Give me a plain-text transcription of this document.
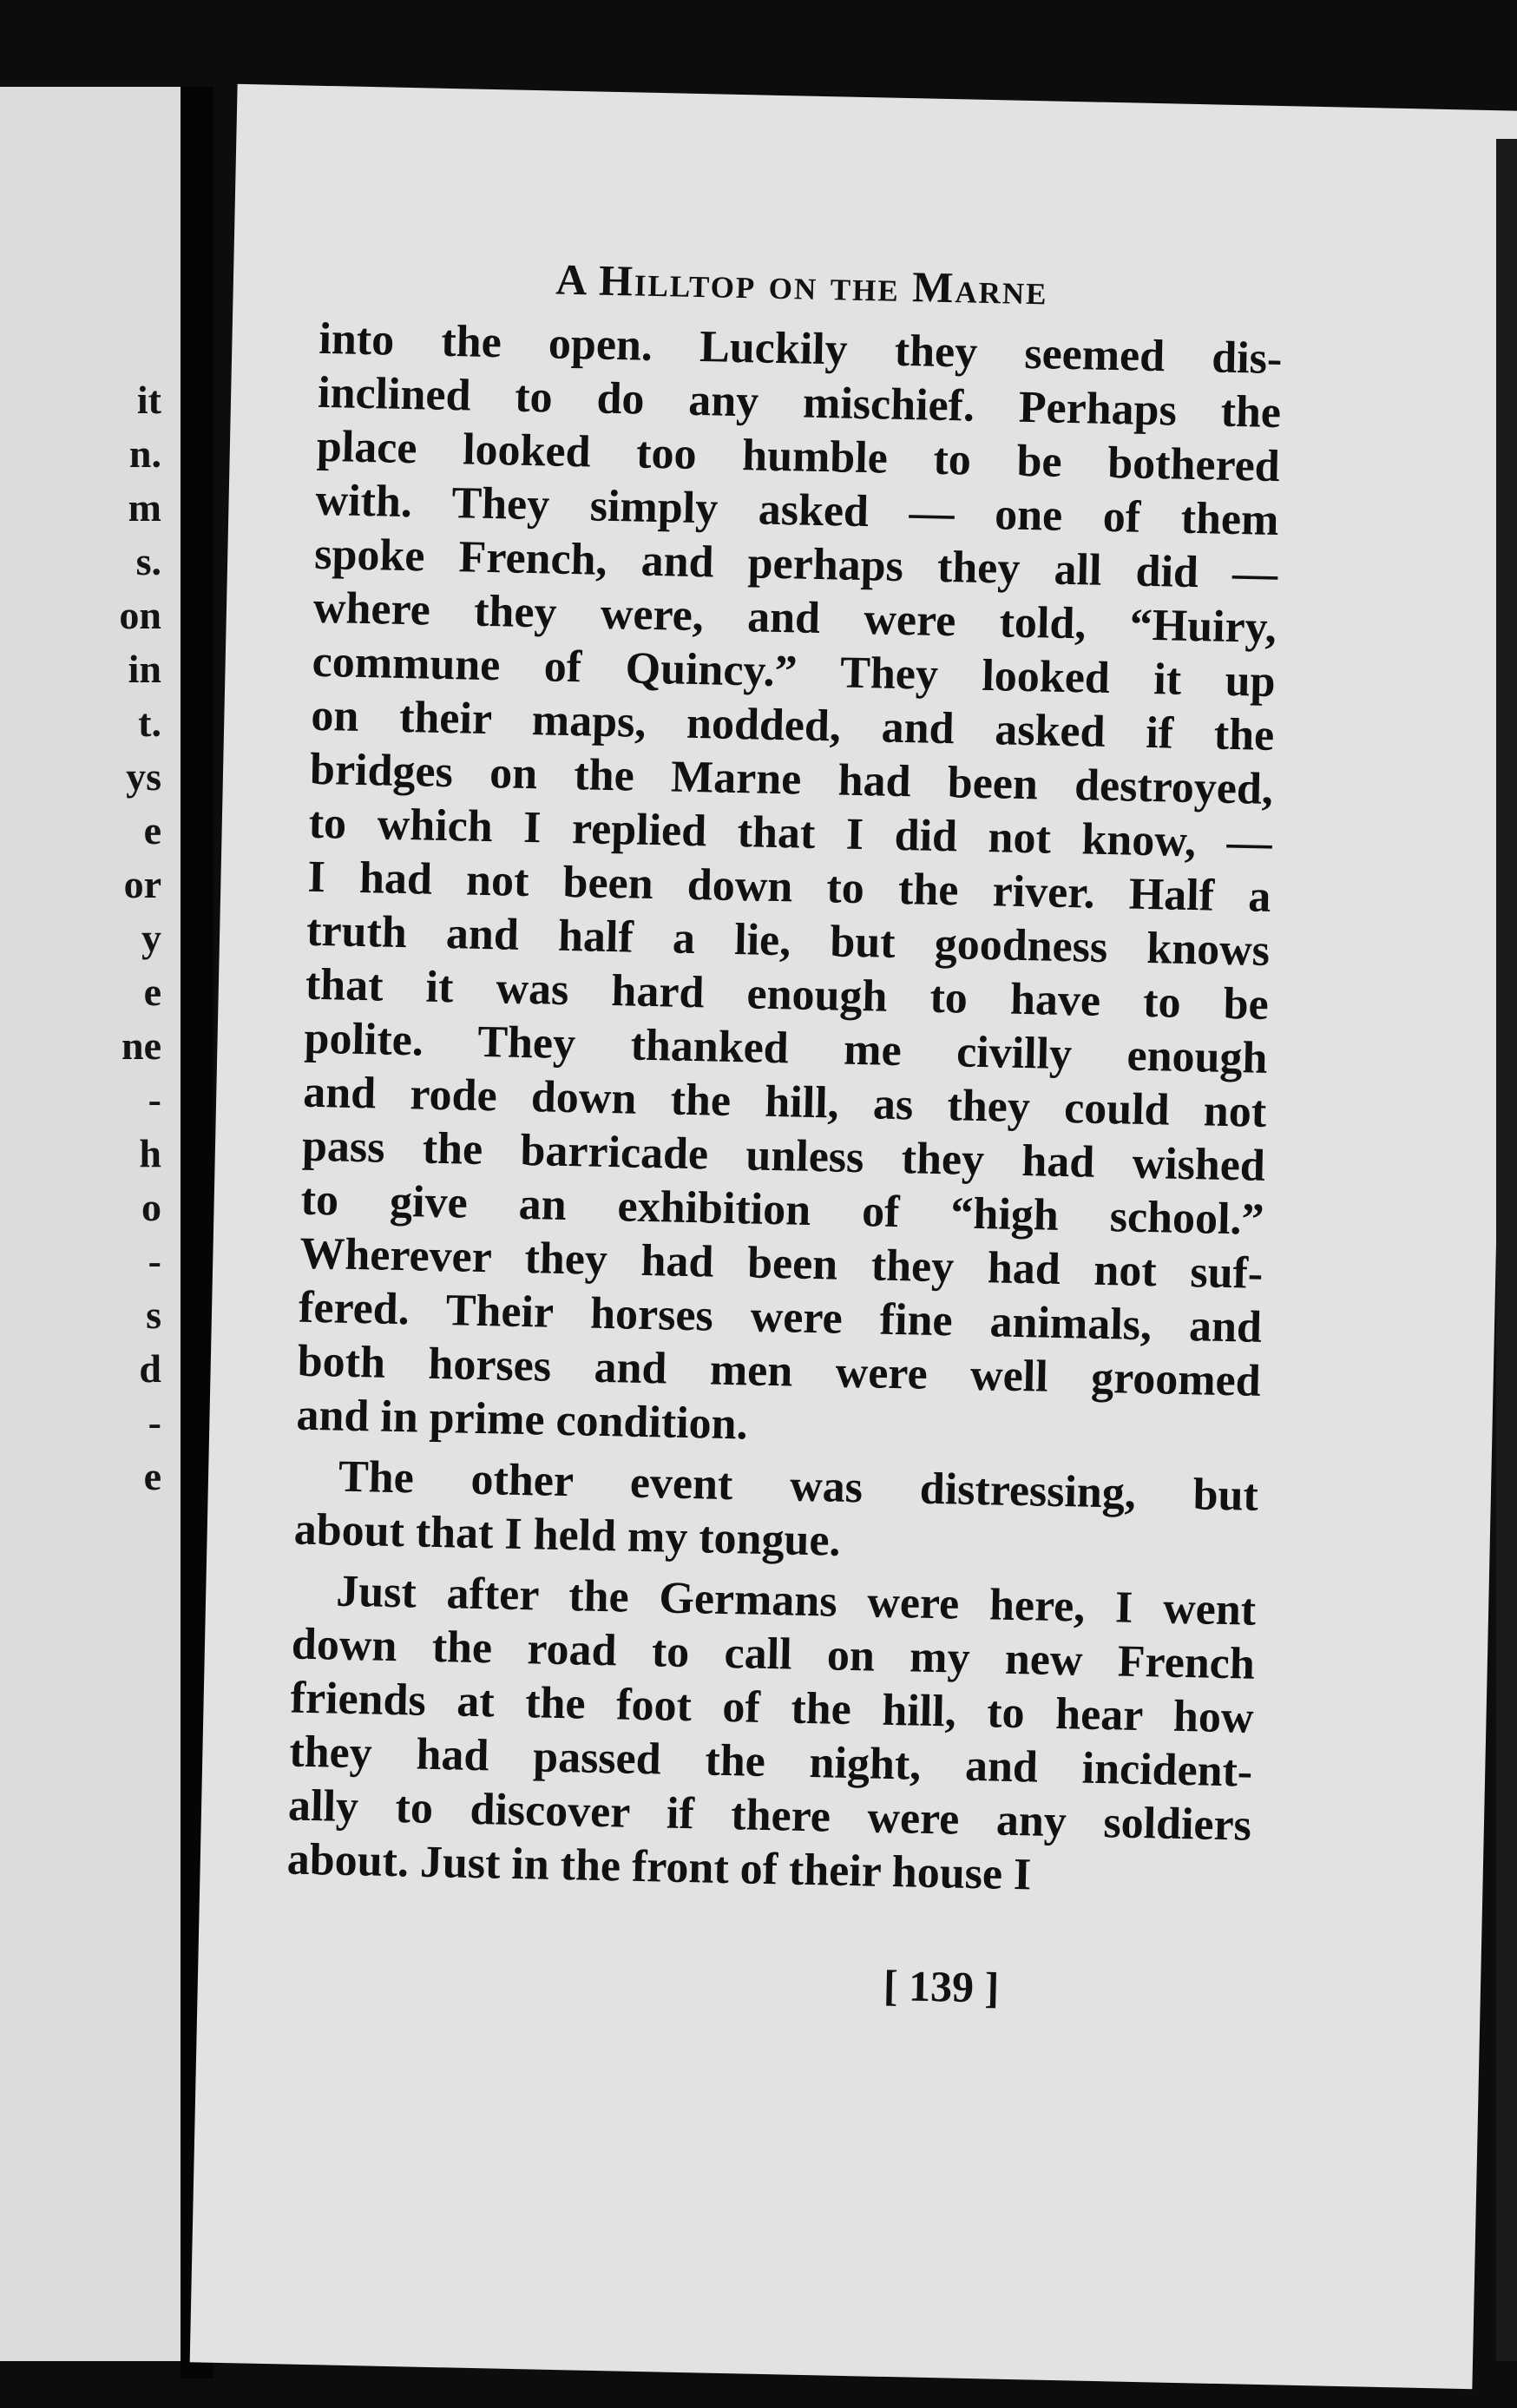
it
n.
m
s.
on
in
t.
ys
e
or
y
e
ne
-
h
o
-
s
d
-
e
A Hilltop on the Marne
into the open. Luckily they seemed dis-
inclined to do any mischief. Perhaps the
place looked too humble to be bothered
with. They simply asked — one of them
spoke French, and perhaps they all did —
where they were, and were told, “Huiry,
commune of Quincy.” They looked it up
on their maps, nodded, and asked if the
bridges on the Marne had been destroyed,
to which I replied that I did not know, —
I had not been down to the river. Half a
truth and half a lie, but goodness knows
that it was hard enough to have to be
polite. They thanked me civilly enough
and rode down the hill, as they could not
pass the barricade unless they had wished
to give an exhibition of “high school.”
Wherever they had been they had not suf-
fered. Their horses were fine animals, and
both horses and men were well groomed
and in prime condition.
The other event was distressing, but
about that I held my tongue.
Just after the Germans were here, I went
down the road to call on my new French
friends at the foot of the hill, to hear how
they had passed the night, and incident-
ally to discover if there were any soldiers
about. Just in the front of their house I
[ 139 ]
